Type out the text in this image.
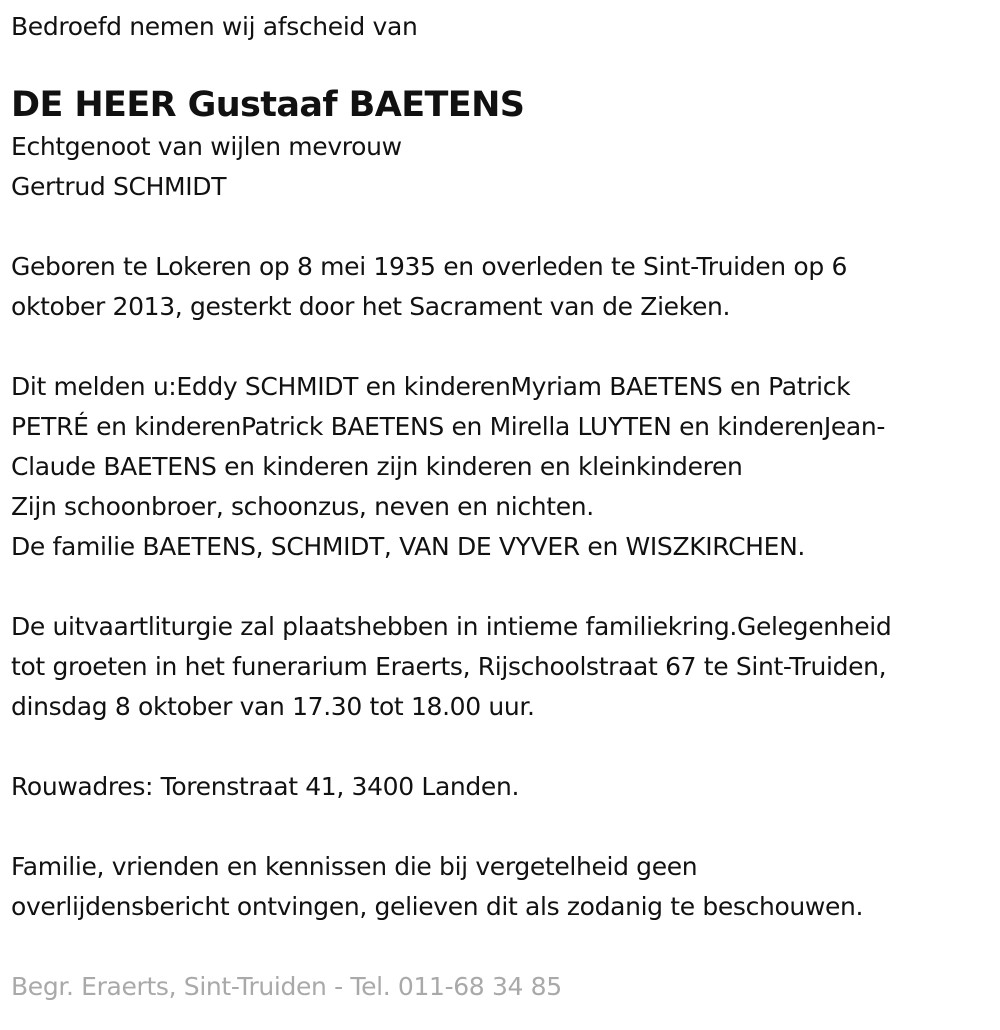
Bedroefd nemen wij afscheid van

DE HEER Gustaaf BAETENS

Echtgenoot van wijlen mevrouw
Gertrud SCHMIDT

Geboren te Lokeren op 8 mei 1935 en overleden te Sint-Truiden op 6
oktober 2013, gesterkt door het Sacrament van de Zieken.

Dit melden u:Eddy SCHMIDT en kinderenMyriam BAETENS en Patrick
PETRÉ en kinderenPatrick BAETENS en Mirella LUYTEN en kinderenJean-
Claude BAETENS en kinderen zijn kinderen en kleinkinderen
Zijn schoonbroer, schoonzus, neven en nichten.
De familie BAETENS, SCHMIDT, VAN DE VYVER en WISZKIRCHEN.

De uitvaartliturgie zal plaatshebben in intieme familiekring.Gelegenheid
tot groeten in het funerarium Eraerts, Rijschoolstraat 67 te Sint-Truiden,
dinsdag 8 oktober van 17.30 tot 18.00 uur.

Rouwadres: Torenstraat 41, 3400 Landen.

Familie, vrienden en kennissen die bij vergetelheid geen
overlijdensbericht ontvingen, gelieven dit als zodanig te beschouwen.

Begr. Eraerts, Sint-Truiden - Tel. 011-68 34 85
